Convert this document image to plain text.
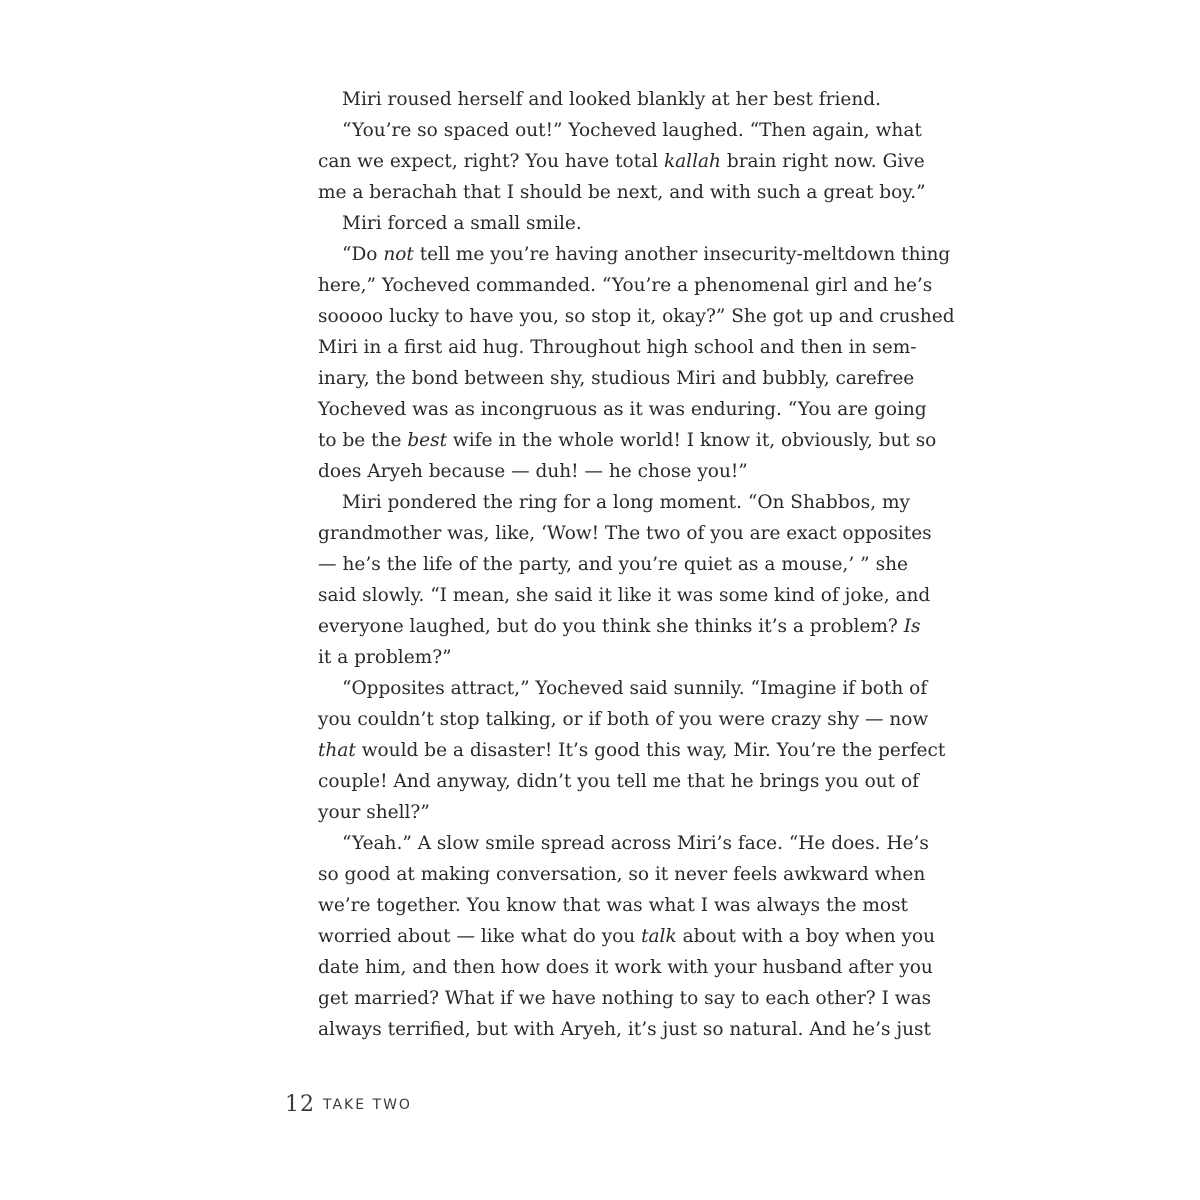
Miri roused herself and looked blankly at her best friend.
“You’re so spaced out!” Yocheved laughed. “Then again, what
can we expect, right? You have total kallah brain right now. Give
me a berachah that I should be next, and with such a great boy.”
Miri forced a small smile.
“Do not tell me you’re having another insecurity-meltdown thing
here,” Yocheved commanded. “You’re a phenomenal girl and he’s
sooooo lucky to have you, so stop it, okay?” She got up and crushed
Miri in a first aid hug. Throughout high school and then in sem-
inary, the bond between shy, studious Miri and bubbly, carefree
Yocheved was as incongruous as it was enduring. “You are going
to be the best wife in the whole world! I know it, obviously, but so
does Aryeh because — duh! — he chose you!”
Miri pondered the ring for a long moment. “On Shabbos, my
grandmother was, like, ‘Wow! The two of you are exact opposites
— he’s the life of the party, and you’re quiet as a mouse,’ ” she
said slowly. “I mean, she said it like it was some kind of joke, and
everyone laughed, but do you think she thinks it’s a problem? Is
it a problem?”
“Opposites attract,” Yocheved said sunnily. “Imagine if both of
you couldn’t stop talking, or if both of you were crazy shy — now
that would be a disaster! It’s good this way, Mir. You’re the perfect
couple! And anyway, didn’t you tell me that he brings you out of
your shell?”
“Yeah.” A slow smile spread across Miri’s face. “He does. He’s
so good at making conversation, so it never feels awkward when
we’re together. You know that was what I was always the most
worried about — like what do you talk about with a boy when you
date him, and then how does it work with your husband after you
get married? What if we have nothing to say to each other? I was
always terrified, but with Aryeh, it’s just so natural. And he’s just
12 TAKE TWO
